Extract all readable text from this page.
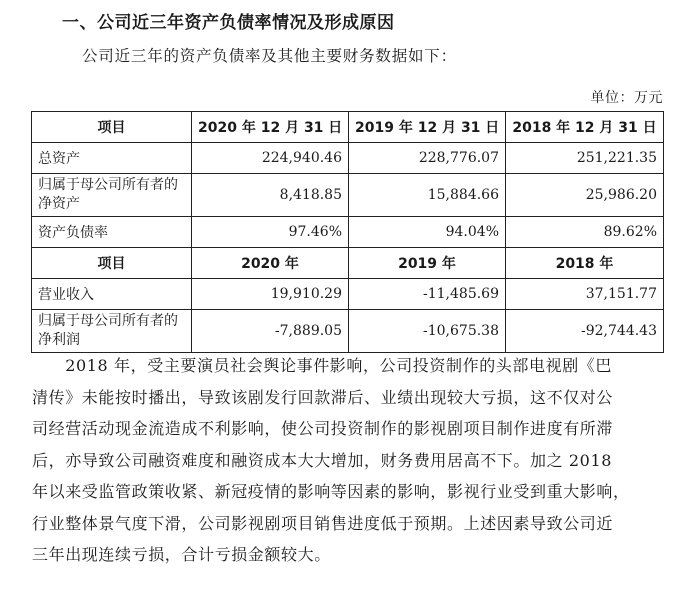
一、公司近三年资产负债率情况及形成原因
公司近三年的资产负债率及其他主要财务数据如下：
单位：万元
项目	2020 年 12 月 31 日	2019 年 12 月 31 日	2018 年 12 月 31 日
总资产	224,940.46	228,776.07	251,221.35
归属于母公司所有者的净资产	8,418.85	15,884.66	25,986.20
资产负债率	97.46%	94.04%	89.62%
项目	2020 年	2019 年	2018 年
营业收入	19,910.29	-11,485.69	37,151.77
归属于母公司所有者的净利润	-7,889.05	-10,675.38	-92,744.43
　　2018 年，受主要演员社会舆论事件影响，公司投资制作的头部电视剧《巴
清传》未能按时播出，导致该剧发行回款滞后、业绩出现较大亏损，这不仅对公
司经营活动现金流造成不利影响，使公司投资制作的影视剧项目制作进度有所滞
后，亦导致公司融资难度和融资成本大大增加，财务费用居高不下。加之 2018
年以来受监管政策收紧、新冠疫情的影响等因素的影响，影视行业受到重大影响，
行业整体景气度下滑，公司影视剧项目销售进度低于预期。上述因素导致公司近
三年出现连续亏损，合计亏损金额较大。
